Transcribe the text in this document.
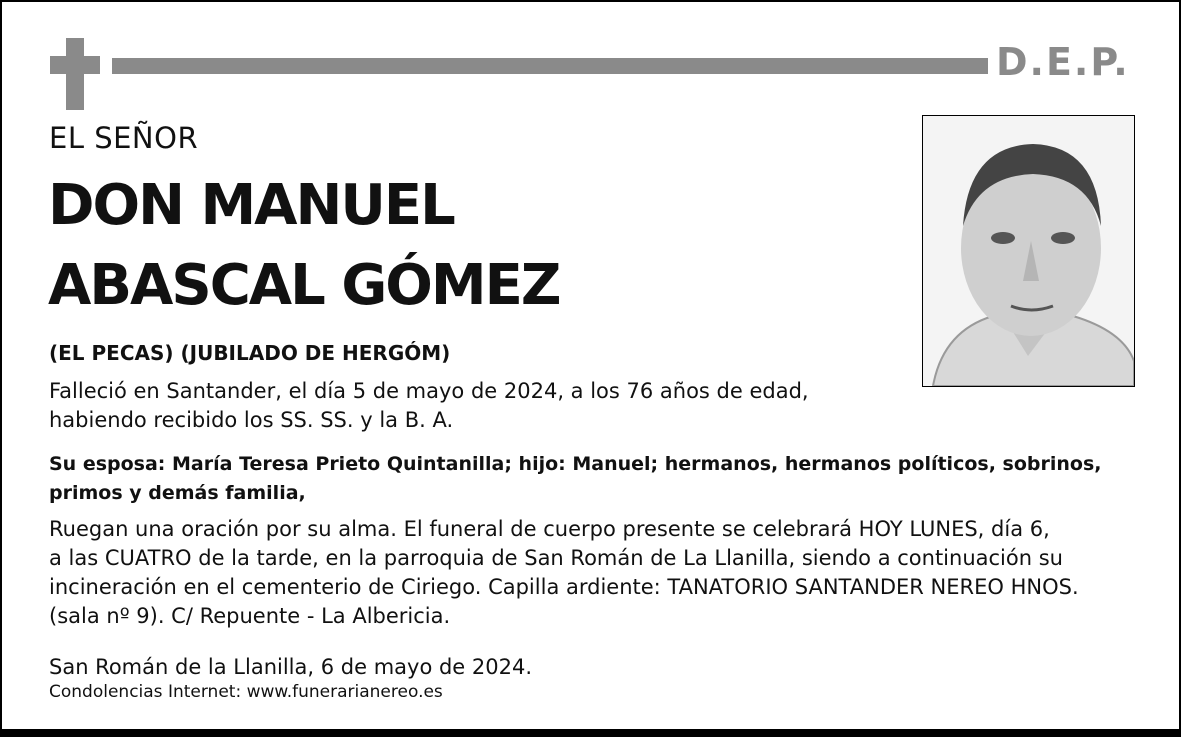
D.E.P.
EL SEÑOR
DON MANUEL
ABASCAL GÓMEZ
(EL PECAS) (JUBILADO DE HERGÓM)
Falleció en Santander, el día 5 de mayo de 2024, a los 76 años de edad,
habiendo recibido los SS. SS. y la B. A.
Su esposa: María Teresa Prieto Quintanilla; hijo: Manuel; hermanos, hermanos políticos, sobrinos,
primos y demás familia,
Ruegan una oración por su alma. El funeral de cuerpo presente se celebrará HOY LUNES, día 6,
a las CUATRO de la tarde, en la parroquia de San Román de La Llanilla, siendo a continuación su
incineración en el cementerio de Ciriego. Capilla ardiente: TANATORIO SANTANDER NEREO HNOS.
(sala nº 9). C/ Repuente - La Albericia.
San Román de la Llanilla, 6 de mayo de 2024.
Condolencias Internet: www.funerarianereo.es
